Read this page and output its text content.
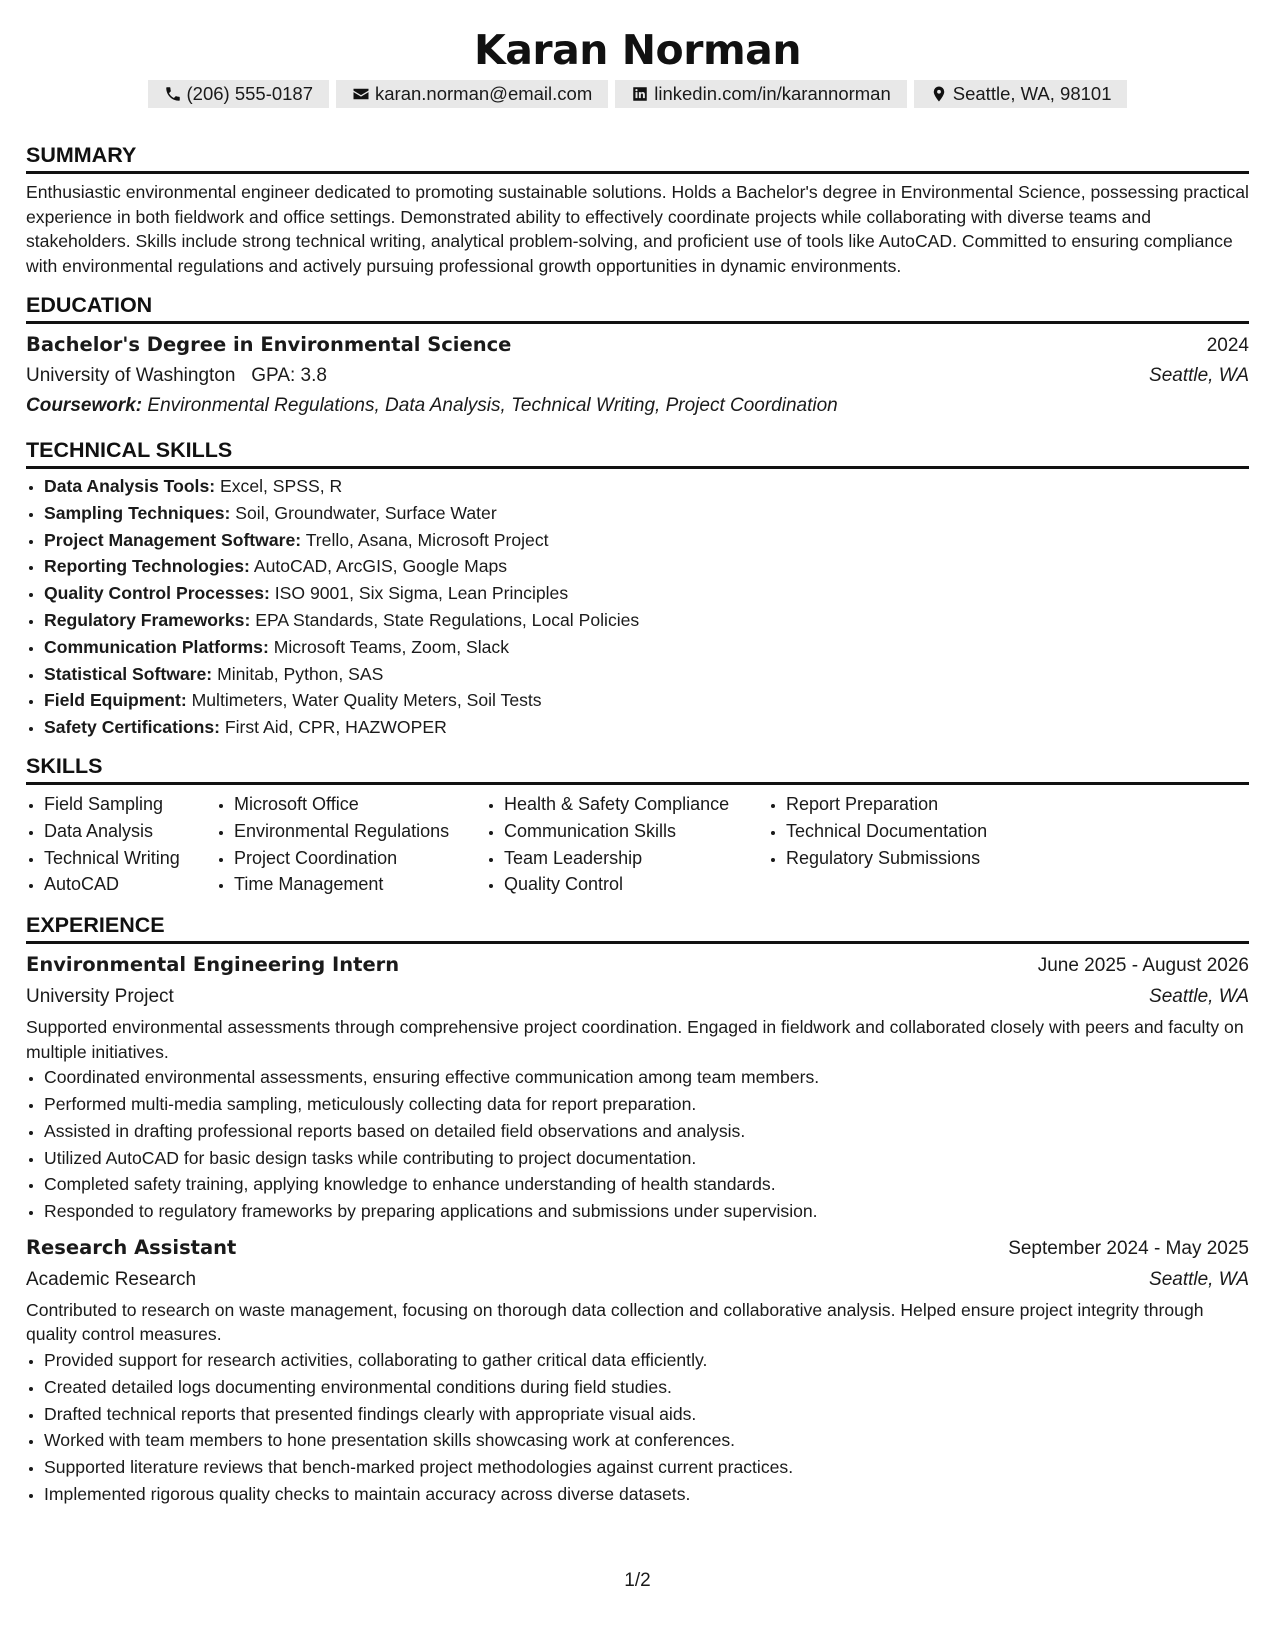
Karan Norman
(206) 555-0187	karan.norman@email.com	linkedin.com/in/karannorman	Seattle, WA, 98101
SUMMARY
Enthusiastic environmental engineer dedicated to promoting sustainable solutions. Holds a Bachelor's degree in Environmental Science, possessing practical experience in both fieldwork and office settings. Demonstrated ability to effectively coordinate projects while collaborating with diverse teams and stakeholders. Skills include strong technical writing, analytical problem-solving, and proficient use of tools like AutoCAD. Committed to ensuring compliance with environmental regulations and actively pursuing professional growth opportunities in dynamic environments.
EDUCATION
Bachelor's Degree in Environmental Science	2024
University of Washington GPA: 3.8	Seattle, WA
Coursework: Environmental Regulations, Data Analysis, Technical Writing, Project Coordination
TECHNICAL SKILLS
• Data Analysis Tools: Excel, SPSS, R
• Sampling Techniques: Soil, Groundwater, Surface Water
• Project Management Software: Trello, Asana, Microsoft Project
• Reporting Technologies: AutoCAD, ArcGIS, Google Maps
• Quality Control Processes: ISO 9001, Six Sigma, Lean Principles
• Regulatory Frameworks: EPA Standards, State Regulations, Local Policies
• Communication Platforms: Microsoft Teams, Zoom, Slack
• Statistical Software: Minitab, Python, SAS
• Field Equipment: Multimeters, Water Quality Meters, Soil Tests
• Safety Certifications: First Aid, CPR, HAZWOPER
SKILLS
• Field Sampling
• Data Analysis
• Technical Writing
• AutoCAD
• Microsoft Office
• Environmental Regulations
• Project Coordination
• Time Management
• Health & Safety Compliance
• Communication Skills
• Team Leadership
• Quality Control
• Report Preparation
• Technical Documentation
• Regulatory Submissions
EXPERIENCE
Environmental Engineering Intern	June 2025 - August 2026
University Project	Seattle, WA
Supported environmental assessments through comprehensive project coordination. Engaged in fieldwork and collaborated closely with peers and faculty on multiple initiatives.
• Coordinated environmental assessments, ensuring effective communication among team members.
• Performed multi-media sampling, meticulously collecting data for report preparation.
• Assisted in drafting professional reports based on detailed field observations and analysis.
• Utilized AutoCAD for basic design tasks while contributing to project documentation.
• Completed safety training, applying knowledge to enhance understanding of health standards.
• Responded to regulatory frameworks by preparing applications and submissions under supervision.
Research Assistant	September 2024 - May 2025
Academic Research	Seattle, WA
Contributed to research on waste management, focusing on thorough data collection and collaborative analysis. Helped ensure project integrity through quality control measures.
• Provided support for research activities, collaborating to gather critical data efficiently.
• Created detailed logs documenting environmental conditions during field studies.
• Drafted technical reports that presented findings clearly with appropriate visual aids.
• Worked with team members to hone presentation skills showcasing work at conferences.
• Supported literature reviews that bench-marked project methodologies against current practices.
• Implemented rigorous quality checks to maintain accuracy across diverse datasets.
1/2
